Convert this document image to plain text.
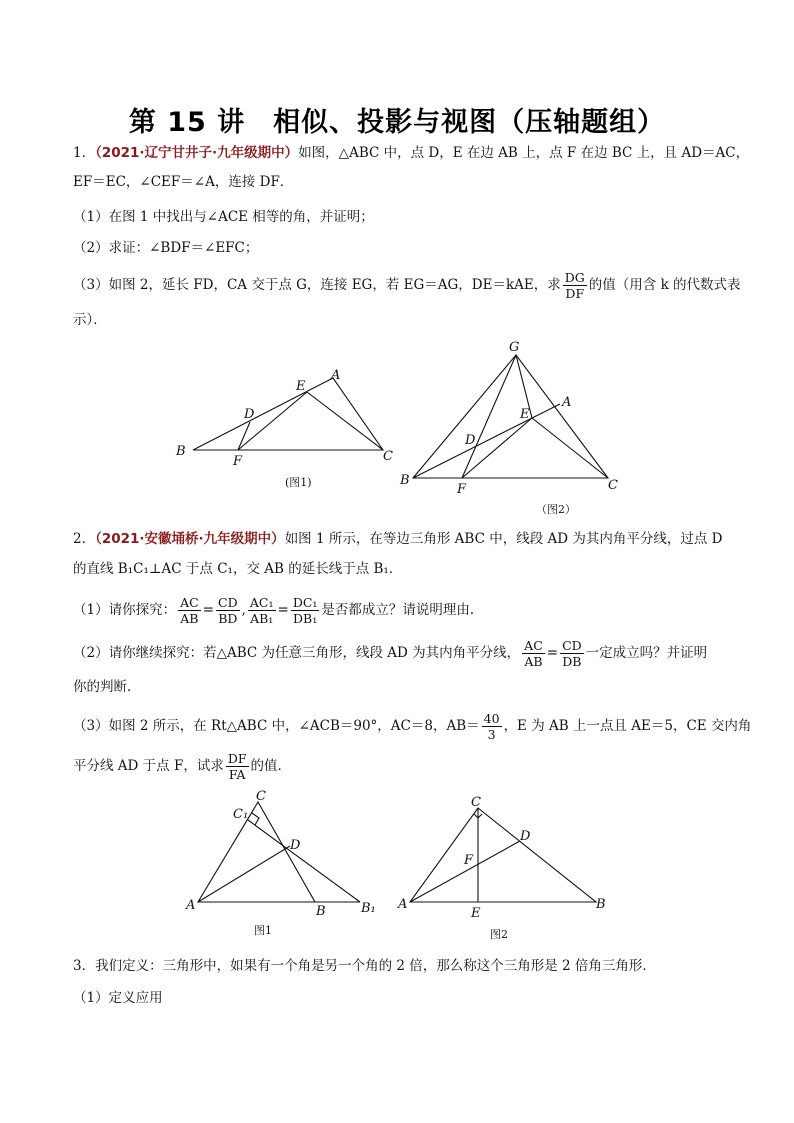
第 15 讲　相似、投影与视图（压轴题组）
1．（2021·辽宁甘井子·九年级期中）如图，△ABC 中，点 D，E 在边 AB 上，点 F 在边 BC 上，且 AD＝AC，
EF＝EC，∠CEF＝∠A，连接 DF．
（1）在图 1 中找出与∠ACE 相等的角，并证明；
（2）求证：∠BDF＝∠EFC；
（3）如图 2，延长 FD，CA 交于点 G，连接 EG，若 EG＝AG，DE＝kAE，求 $\frac{DG}{DF}$ 的值（用含 k 的代数式表
示）．
A
B	C
D
E
F
(图1)
G
A
B	C
D
E
F
（图2）
2．（2021·安徽埇桥·九年级期中）如图 1 所示，在等边三角形 ABC 中，线段 AD 为其内角平分线，过点 D
的直线 B₁C₁⊥AC 于点 C₁，交 AB 的延长线于点 B₁．
（1）请你探究： $\frac{AC}{AB} = \frac{CD}{BD}$ , $\frac{\text{AC₁}}{\text{AB₁}} = \frac{\text{DC₁}}{\text{DB₁}}$ 是否都成立？请说明理由．
（2）请你继续探究：若△ABC 为任意三角形，线段 AD 为其内角平分线， $\frac{AC}{AB} = \frac{CD}{DB}$ 一定成立吗？并证明
你的判断．
（3）如图 2 所示，在 Rt△ABC 中，∠ACB＝90°，AC＝8，$AB= \frac{40}{3}$ ，E 为 AB 上一点且 AE＝5，CE 交内角
平分线 AD 于点 F，试求 $\frac{DF}{FA}$ 的值．
C
C₁
D
A	B	B₁
图1
C
D
F
A	B
E
图2
3．我们定义：三角形中，如果有一个角是另一个角的 2 倍，那么称这个三角形是 2 倍角三角形．
（1）定义应用
